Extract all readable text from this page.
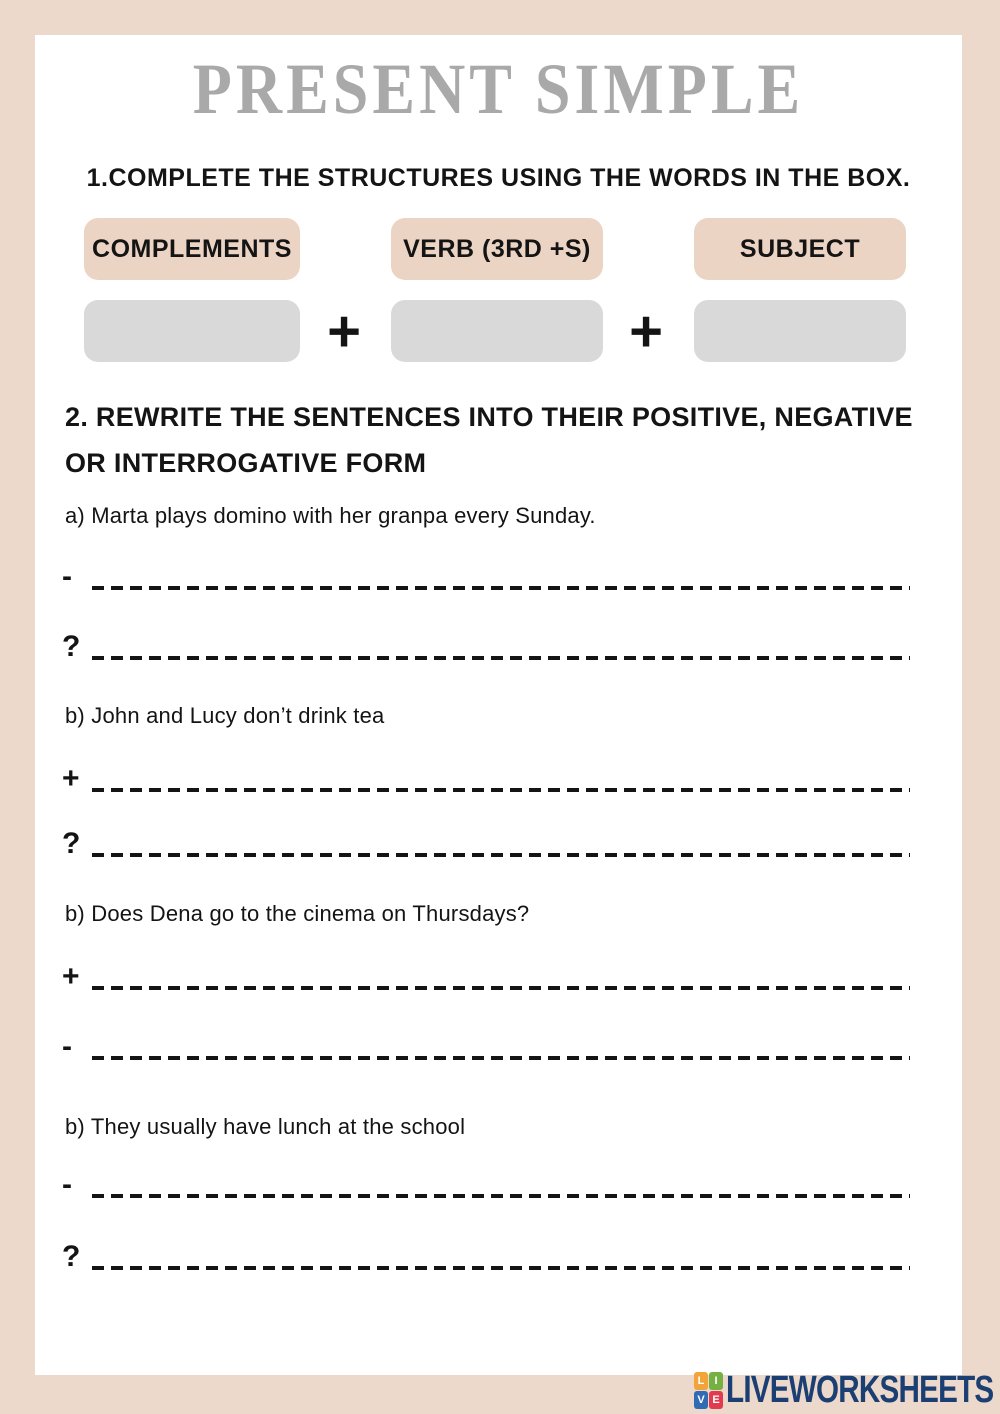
PRESENT SIMPLE
1.COMPLETE THE STRUCTURES USING THE WORDS IN THE BOX.
COMPLEMENTS	VERB (3RD +S)	SUBJECT
+	+
2. REWRITE THE SENTENCES INTO THEIR POSITIVE, NEGATIVE OR INTERROGATIVE FORM
a) Marta plays domino with her granpa every Sunday.
-
?
b) John and Lucy don’t drink tea
+
?
b) Does Dena go to the cinema on Thursdays?
+
-
b) They usually have lunch at the school
-
?
L I
V E LIVEWORKSHEETS
